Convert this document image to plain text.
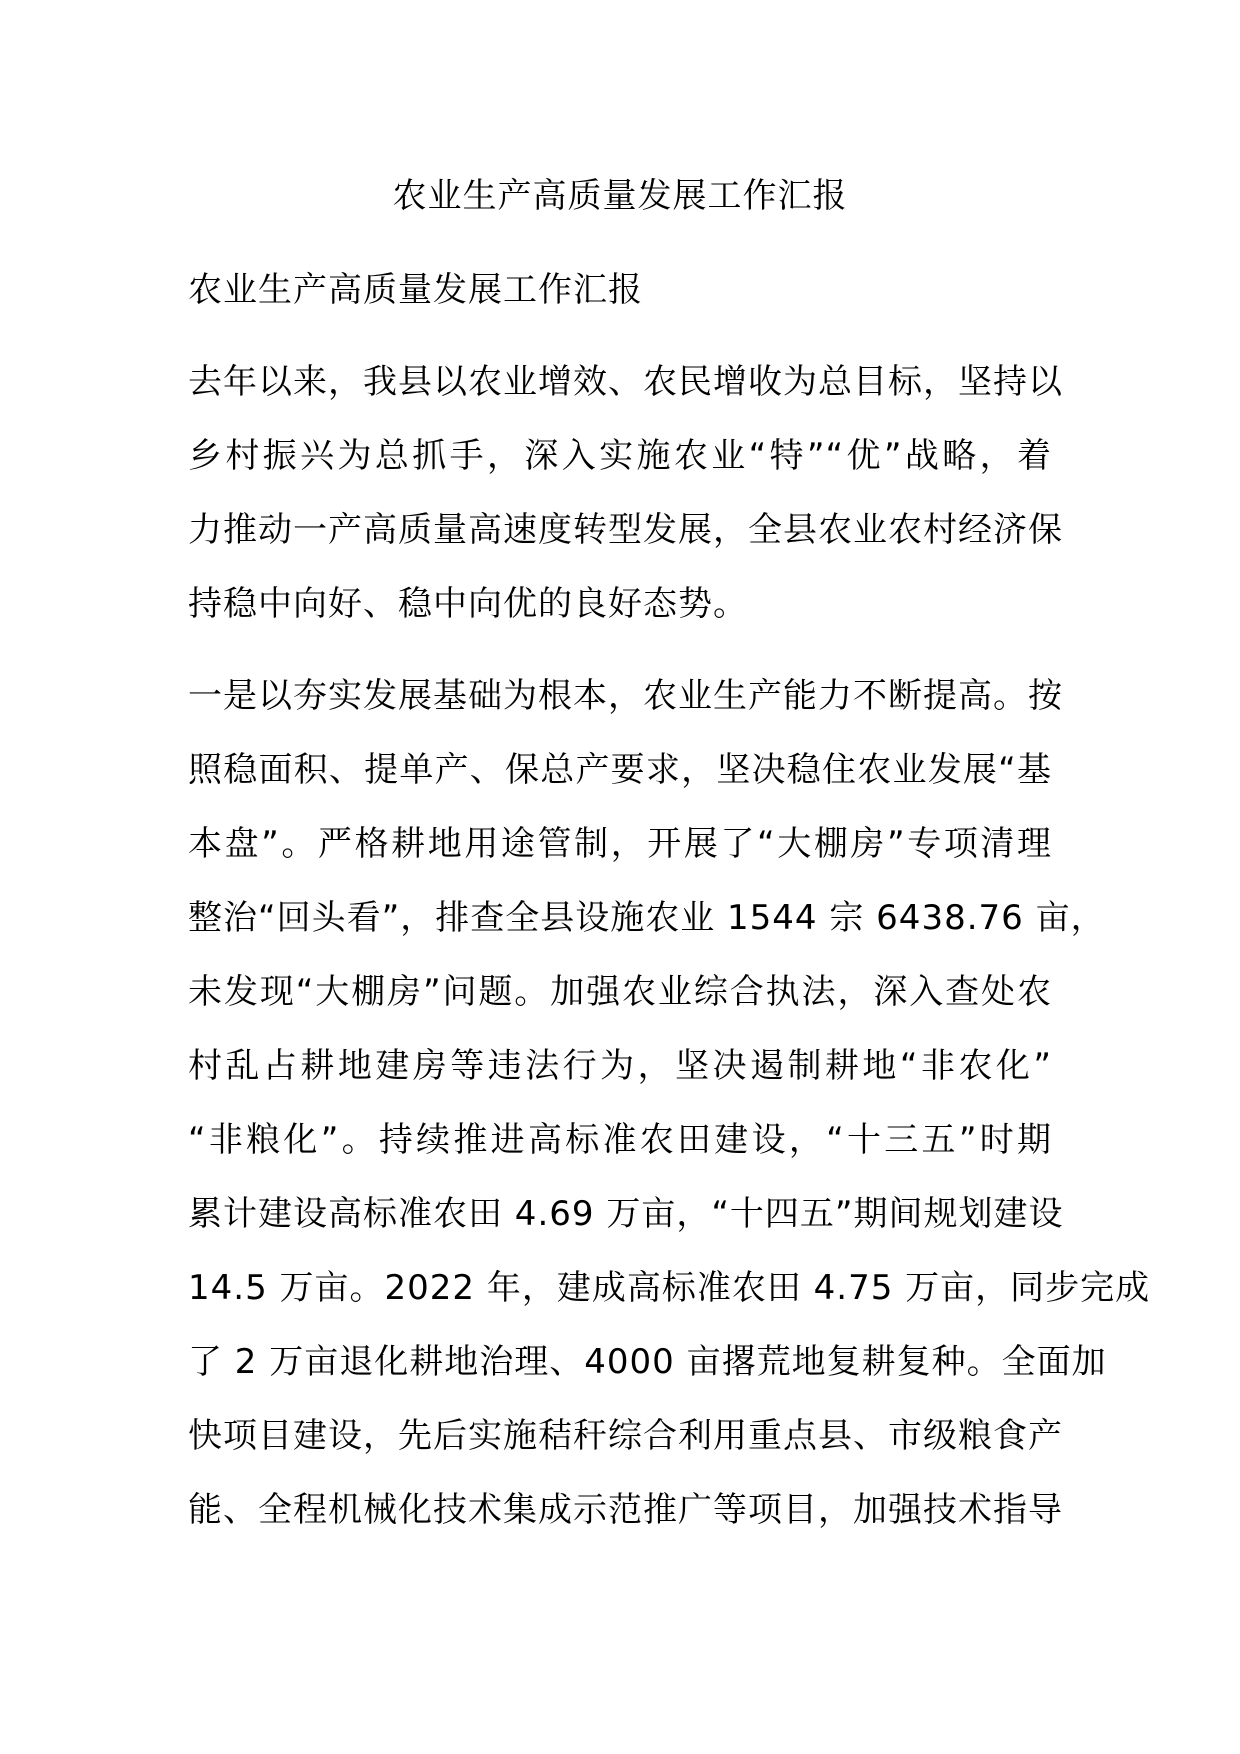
农业生产高质量发展工作汇报
农业生产高质量发展工作汇报
去年以来，我县以农业增效、农民增收为总目标，坚持以
乡村振兴为总抓手，深入实施农业“特”“优”战略，着
力推动一产高质量高速度转型发展，全县农业农村经济保
持稳中向好、稳中向优的良好态势。
一是以夯实发展基础为根本，农业生产能力不断提高。按
照稳面积、提单产、保总产要求，坚决稳住农业发展“基
本盘”。严格耕地用途管制，开展了“大棚房”专项清理
整治“回头看”，排查全县设施农业 1544 宗 6438.76 亩，
未发现“大棚房”问题。加强农业综合执法，深入查处农
村乱占耕地建房等违法行为，坚决遏制耕地“非农化”
“非粮化”。持续推进高标准农田建设，“十三五”时期
累计建设高标准农田 4.69 万亩，“十四五”期间规划建设
14.5 万亩。2022 年，建成高标准农田 4.75 万亩，同步完成
了 2 万亩退化耕地治理、4000 亩撂荒地复耕复种。全面加
快项目建设，先后实施秸秆综合利用重点县、市级粮食产
能、全程机械化技术集成示范推广等项目，加强技术指导
